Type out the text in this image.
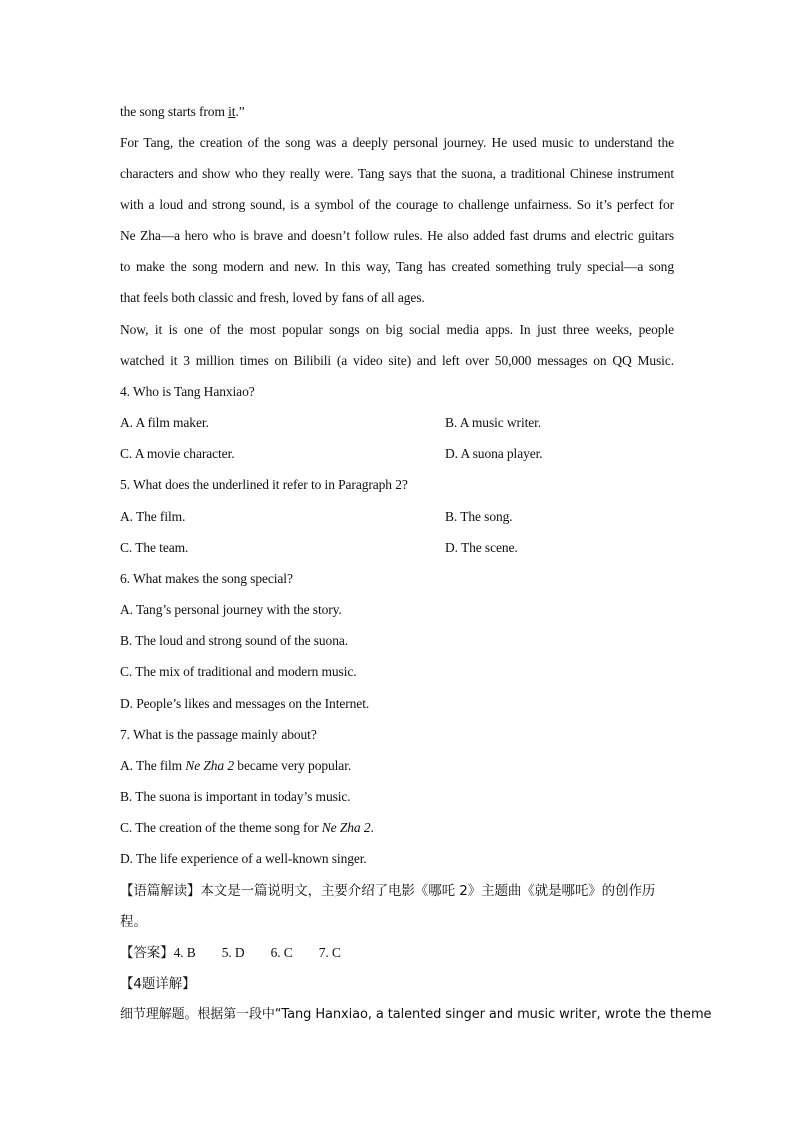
the song starts from it.”
For Tang, the creation of the song was a deeply personal journey. He used music to understand the
characters and show who they really were. Tang says that the suona, a traditional Chinese instrument
with a loud and strong sound, is a symbol of the courage to challenge unfairness. So it’s perfect for
Ne Zha—a hero who is brave and doesn’t follow rules. He also added fast drums and electric guitars
to make the song modern and new. In this way, Tang has created something truly special—a song
that feels both classic and fresh, loved by fans of all ages.
Now, it is one of the most popular songs on big social media apps. In just three weeks, people
watched it 3 million times on Bilibili (a video site) and left over 50,000 messages on QQ Music.
4. Who is Tang Hanxiao?
A. A film maker.	B. A music writer.
C. A movie character.	D. A suona player.
5. What does the underlined it refer to in Paragraph 2?
A. The film.	B. The song.
C. The team.	D. The scene.
6. What makes the song special?
A. Tang’s personal journey with the story.
B. The loud and strong sound of the suona.
C. The mix of traditional and modern music.
D. People’s likes and messages on the Internet.
7. What is the passage mainly about?
A. The film Ne Zha 2 became very popular.
B. The suona is important in today’s music.
C. The creation of the theme song for Ne Zha 2.
D. The life experience of a well-known singer.
【语篇解读】本文是一篇说明文，主要介绍了电影《哪吒 2》主题曲《就是哪吒》的创作历
程。
【答案】4. B 5. D 6. C 7. C
【4题详解】
细节理解题。根据第一段中“Tang Hanxiao, a talented singer and music writer, wrote the theme
